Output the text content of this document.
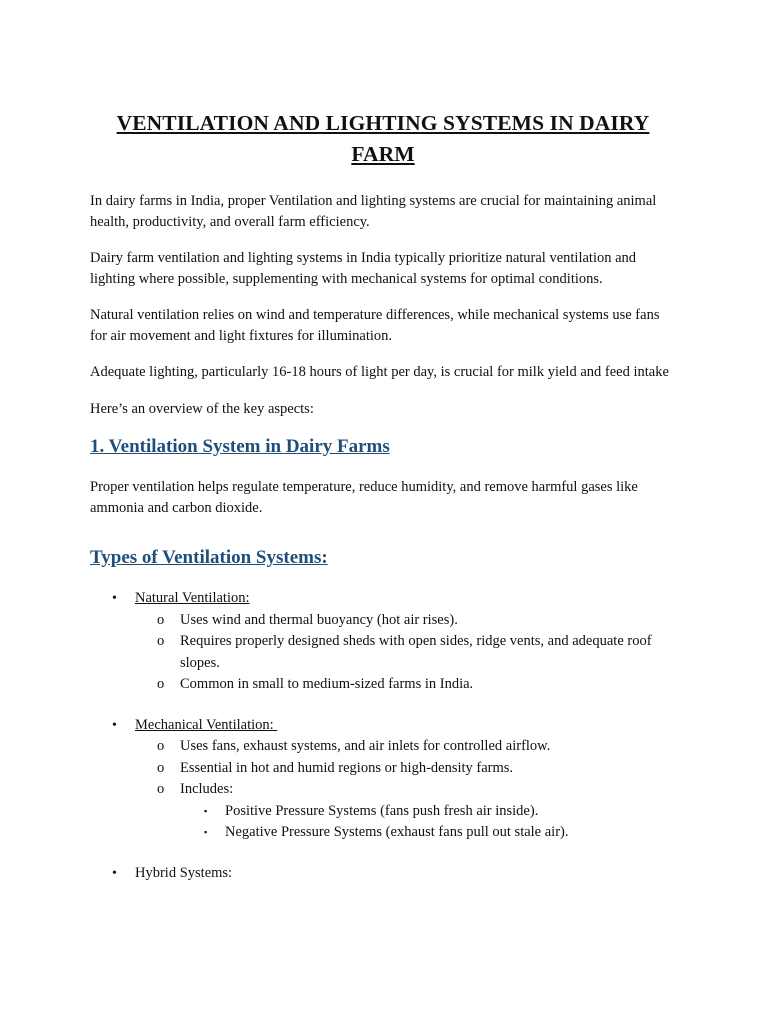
VENTILATION AND LIGHTING SYSTEMS IN DAIRY FARM

In dairy farms in India, proper Ventilation and lighting systems are crucial for maintaining animal health, productivity, and overall farm efficiency.

Dairy farm ventilation and lighting systems in India typically prioritize natural ventilation and lighting where possible, supplementing with mechanical systems for optimal conditions.

Natural ventilation relies on wind and temperature differences, while mechanical systems use fans for air movement and light fixtures for illumination.

Adequate lighting, particularly 16-18 hours of light per day, is crucial for milk yield and feed intake

Here’s an overview of the key aspects:

1. Ventilation System in Dairy Farms

Proper ventilation helps regulate temperature, reduce humidity, and remove harmful gases like ammonia and carbon dioxide.

Types of Ventilation Systems:
• Natural Ventilation:
o Uses wind and thermal buoyancy (hot air rises).
o Requires properly designed sheds with open sides, ridge vents, and adequate roof slopes.
o Common in small to medium-sized farms in India.
• Mechanical Ventilation:
o Uses fans, exhaust systems, and air inlets for controlled airflow.
o Essential in hot and humid regions or high-density farms.
o Includes:
▪ Positive Pressure Systems (fans push fresh air inside).
▪ Negative Pressure Systems (exhaust fans pull out stale air).
• Hybrid Systems:
